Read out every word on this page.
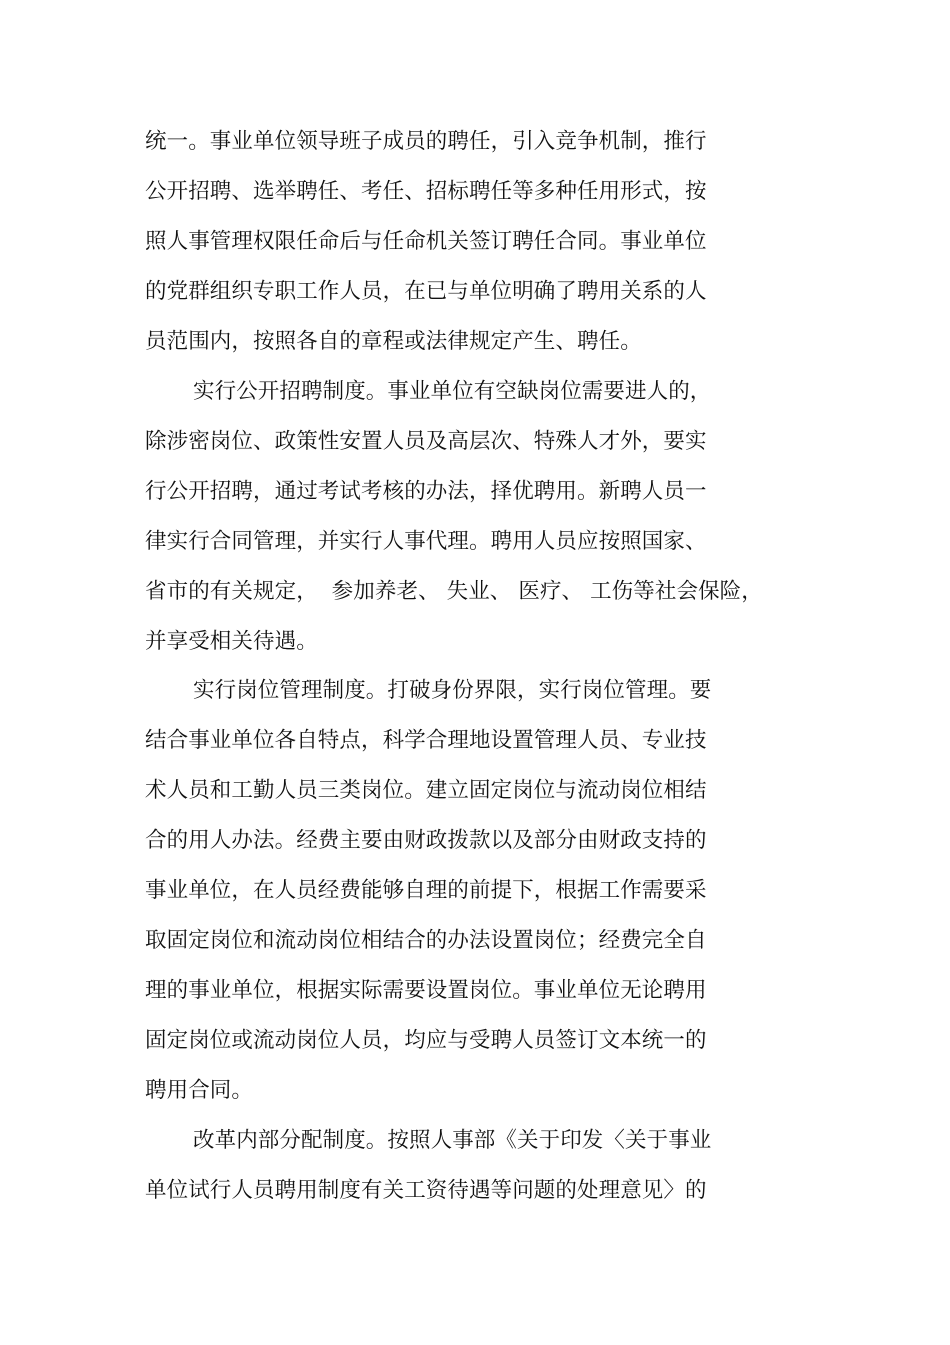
统一。事业单位领导班子成员的聘任，引入竞争机制，推行
公开招聘、选举聘任、考任、招标聘任等多种任用形式，按
照人事管理权限任命后与任命机关签订聘任合同。事业单位
的党群组织专职工作人员，在已与单位明确了聘用关系的人
员范围内，按照各自的章程或法律规定产生、聘任。
实行公开招聘制度。事业单位有空缺岗位需要进人的，
除涉密岗位、政策性安置人员及高层次、特殊人才外，要实
行公开招聘，通过考试考核的办法，择优聘用。新聘人员一
律实行合同管理，并实行人事代理。聘用人员应按照国家、
省市的有关规定，  参加养老、 失业、 医疗、 工伤等社会保险，
并享受相关待遇。
实行岗位管理制度。打破身份界限，实行岗位管理。要
结合事业单位各自特点，科学合理地设置管理人员、专业技
术人员和工勤人员三类岗位。建立固定岗位与流动岗位相结
合的用人办法。经费主要由财政拨款以及部分由财政支持的
事业单位，在人员经费能够自理的前提下，根据工作需要采
取固定岗位和流动岗位相结合的办法设置岗位；经费完全自
理的事业单位，根据实际需要设置岗位。事业单位无论聘用
固定岗位或流动岗位人员，均应与受聘人员签订文本统一的
聘用合同。
改革内部分配制度。按照人事部《关于印发〈关于事业
单位试行人员聘用制度有关工资待遇等问题的处理意见〉的
